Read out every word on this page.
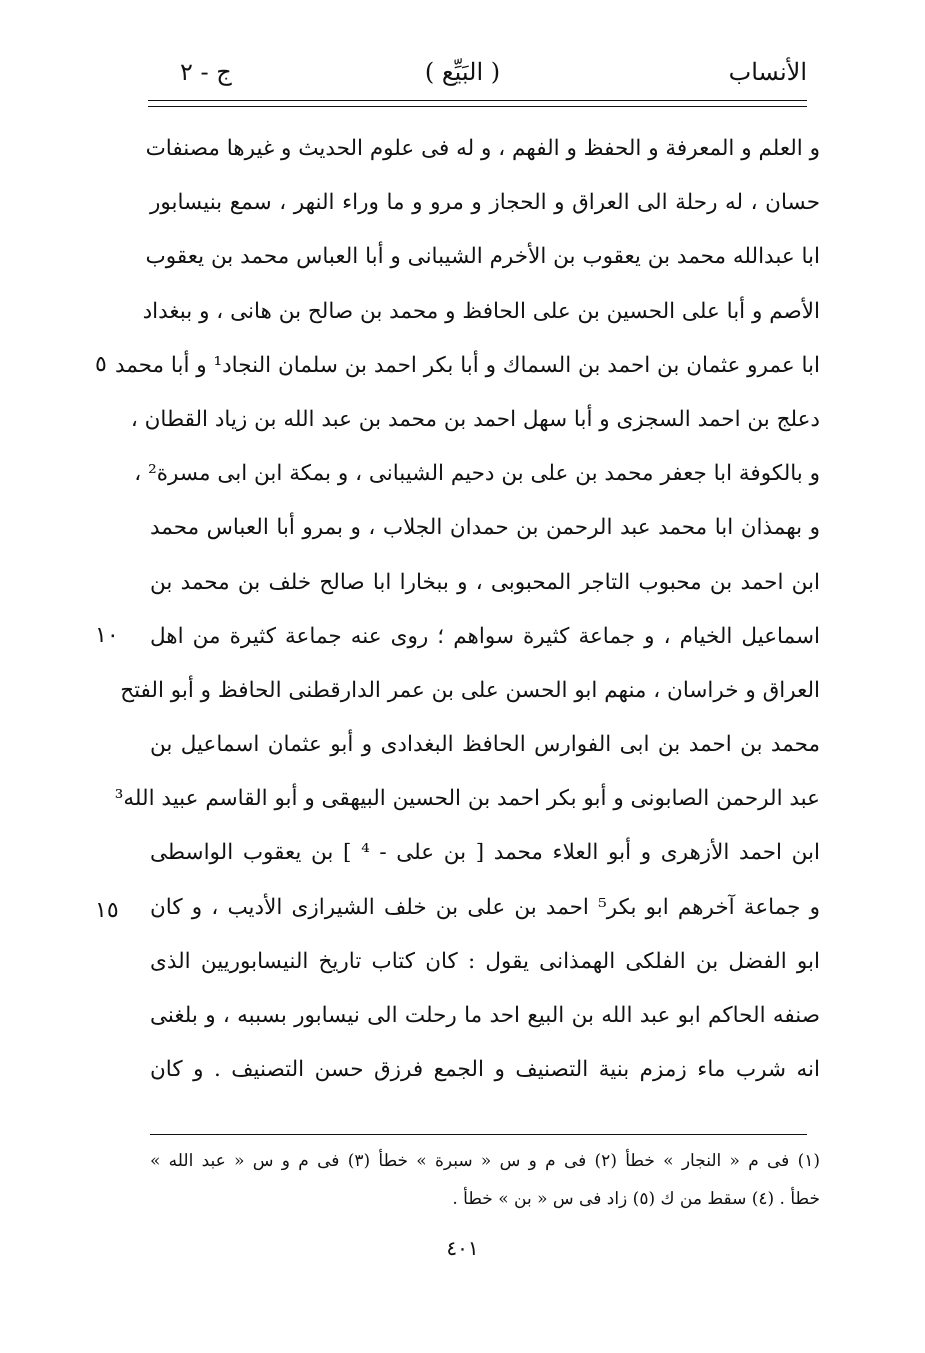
الأنساب
( البَيِّع )
ج - ٢
و العلم و المعرفة و الحفظ و الفهم ، و له فى علوم الحديث و غيرها مصنفات
حسان ، له رحلة الى العراق و الحجاز و مرو و ما وراء النهر ، سمع بنيسابور
ابا عبدالله محمد بن يعقوب بن الأخرم الشيبانى و أبا العباس محمد بن يعقوب
الأصم و أبا على الحسين بن على الحافظ و محمد بن صالح بن هانى ، و ببغداد
ابا عمرو عثمان بن احمد بن السماك و أبا بكر احمد بن سلمان النجاد¹ و أبا محمد
دعلج بن احمد السجزى و أبا سهل احمد بن محمد بن عبد الله بن زياد القطان ،
و بالكوفة ابا جعفر محمد بن على بن دحيم الشيبانى ، و بمكة ابن ابى مسرة² ،
و بهمذان ابا محمد عبد الرحمن بن حمدان الجلاب ، و بمرو أبا العباس محمد
ابن احمد بن محبوب التاجر المحبوبى ، و ببخارا ابا صالح خلف بن محمد بن
اسماعيل الخيام ، و جماعة كثيرة سواهم ؛ روى عنه جماعة كثيرة من اهل
العراق و خراسان ، منهم ابو الحسن على بن عمر الدارقطنى الحافظ و أبو الفتح
محمد بن احمد بن ابى الفوارس الحافظ البغدادى و أبو عثمان اسماعيل بن
عبد الرحمن الصابونى و أبو بكر احمد بن الحسين البيهقى و أبو القاسم عبيد الله³
ابن احمد الأزهرى و أبو العلاء محمد [ بن على - ⁴ ] بن يعقوب الواسطى
و جماعة آخرهم ابو بكر⁵ احمد بن على بن خلف الشيرازى الأديب ، و كان
ابو الفضل بن الفلكى الهمذانى يقول : كان كتاب تاريخ النيسابوريين الذى
صنفه الحاكم ابو عبد الله بن البيع احد ما رحلت الى نيسابور بسببه ، و بلغنى
انه شرب ماء زمزم بنية التصنيف و الجمع فرزق حسن التصنيف . و كان
٥
١٠
١٥
(١) فى م « النجار » خطأ (٢) فى م و س « سبرة » خطأ (٣) فى م و س « عبد الله »
خطأ . (٤) سقط من ك (٥) زاد فى س « بن » خطأ .
٤٠١
